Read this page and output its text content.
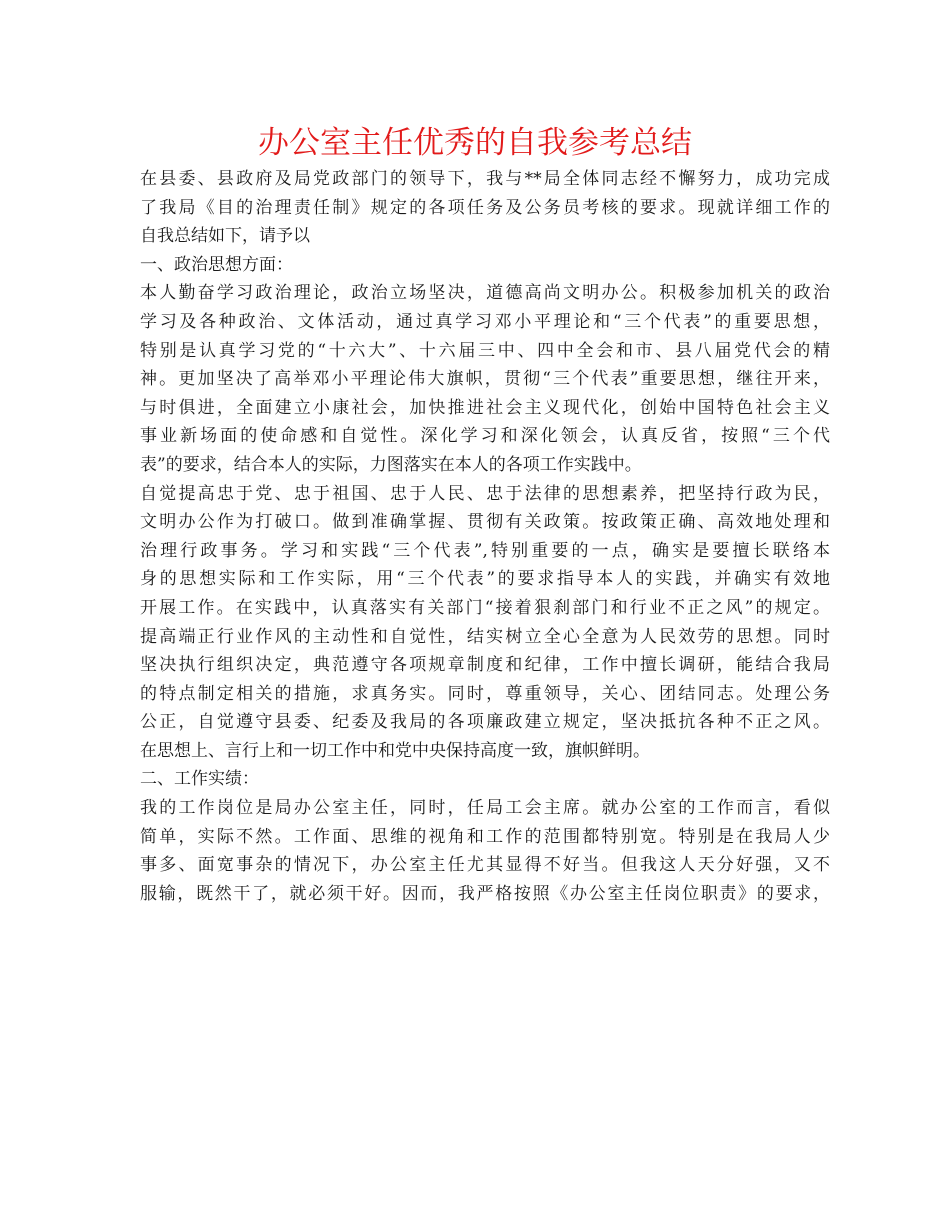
办公室主任优秀的自我参考总结
在县委、县政府及局党政部门的领导下，我与**局全体同志经不懈努力，成功完成
了我局《目的治理责任制》规定的各项任务及公务员考核的要求。现就详细工作的
自我总结如下，请予以
一、政治思想方面：
本人勤奋学习政治理论，政治立场坚决，道德高尚文明办公。积极参加机关的政治
学习及各种政治、文体活动，通过真学习邓小平理论和“三个代表”的重要思想，
特别是认真学习党的“十六大”、十六届三中、四中全会和市、县八届党代会的精
神。更加坚决了高举邓小平理论伟大旗帜，贯彻“三个代表”重要思想，继往开来，
与时俱进，全面建立小康社会，加快推进社会主义现代化，创始中国特色社会主义
事业新场面的使命感和自觉性。深化学习和深化领会，认真反省，按照“三个代
表”的要求，结合本人的实际，力图落实在本人的各项工作实践中。
自觉提高忠于党、忠于祖国、忠于人民、忠于法律的思想素养，把坚持行政为民，
文明办公作为打破口。做到准确掌握、贯彻有关政策。按政策正确、高效地处理和
治理行政事务。学习和实践“三个代表”,特别重要的一点，确实是要擅长联络本
身的思想实际和工作实际，用“三个代表”的要求指导本人的实践，并确实有效地
开展工作。在实践中，认真落实有关部门“接着狠刹部门和行业不正之风”的规定。
提高端正行业作风的主动性和自觉性，结实树立全心全意为人民效劳的思想。同时
坚决执行组织决定，典范遵守各项规章制度和纪律，工作中擅长调研，能结合我局
的特点制定相关的措施，求真务实。同时，尊重领导，关心、团结同志。处理公务
公正，自觉遵守县委、纪委及我局的各项廉政建立规定，坚决抵抗各种不正之风。
在思想上、言行上和一切工作中和党中央保持高度一致，旗帜鲜明。
二、工作实绩：
我的工作岗位是局办公室主任，同时，任局工会主席。就办公室的工作而言，看似
简单，实际不然。工作面、思维的视角和工作的范围都特别宽。特别是在我局人少
事多、面宽事杂的情况下，办公室主任尤其显得不好当。但我这人天分好强，又不
服输，既然干了，就必须干好。因而，我严格按照《办公室主任岗位职责》的要求，
